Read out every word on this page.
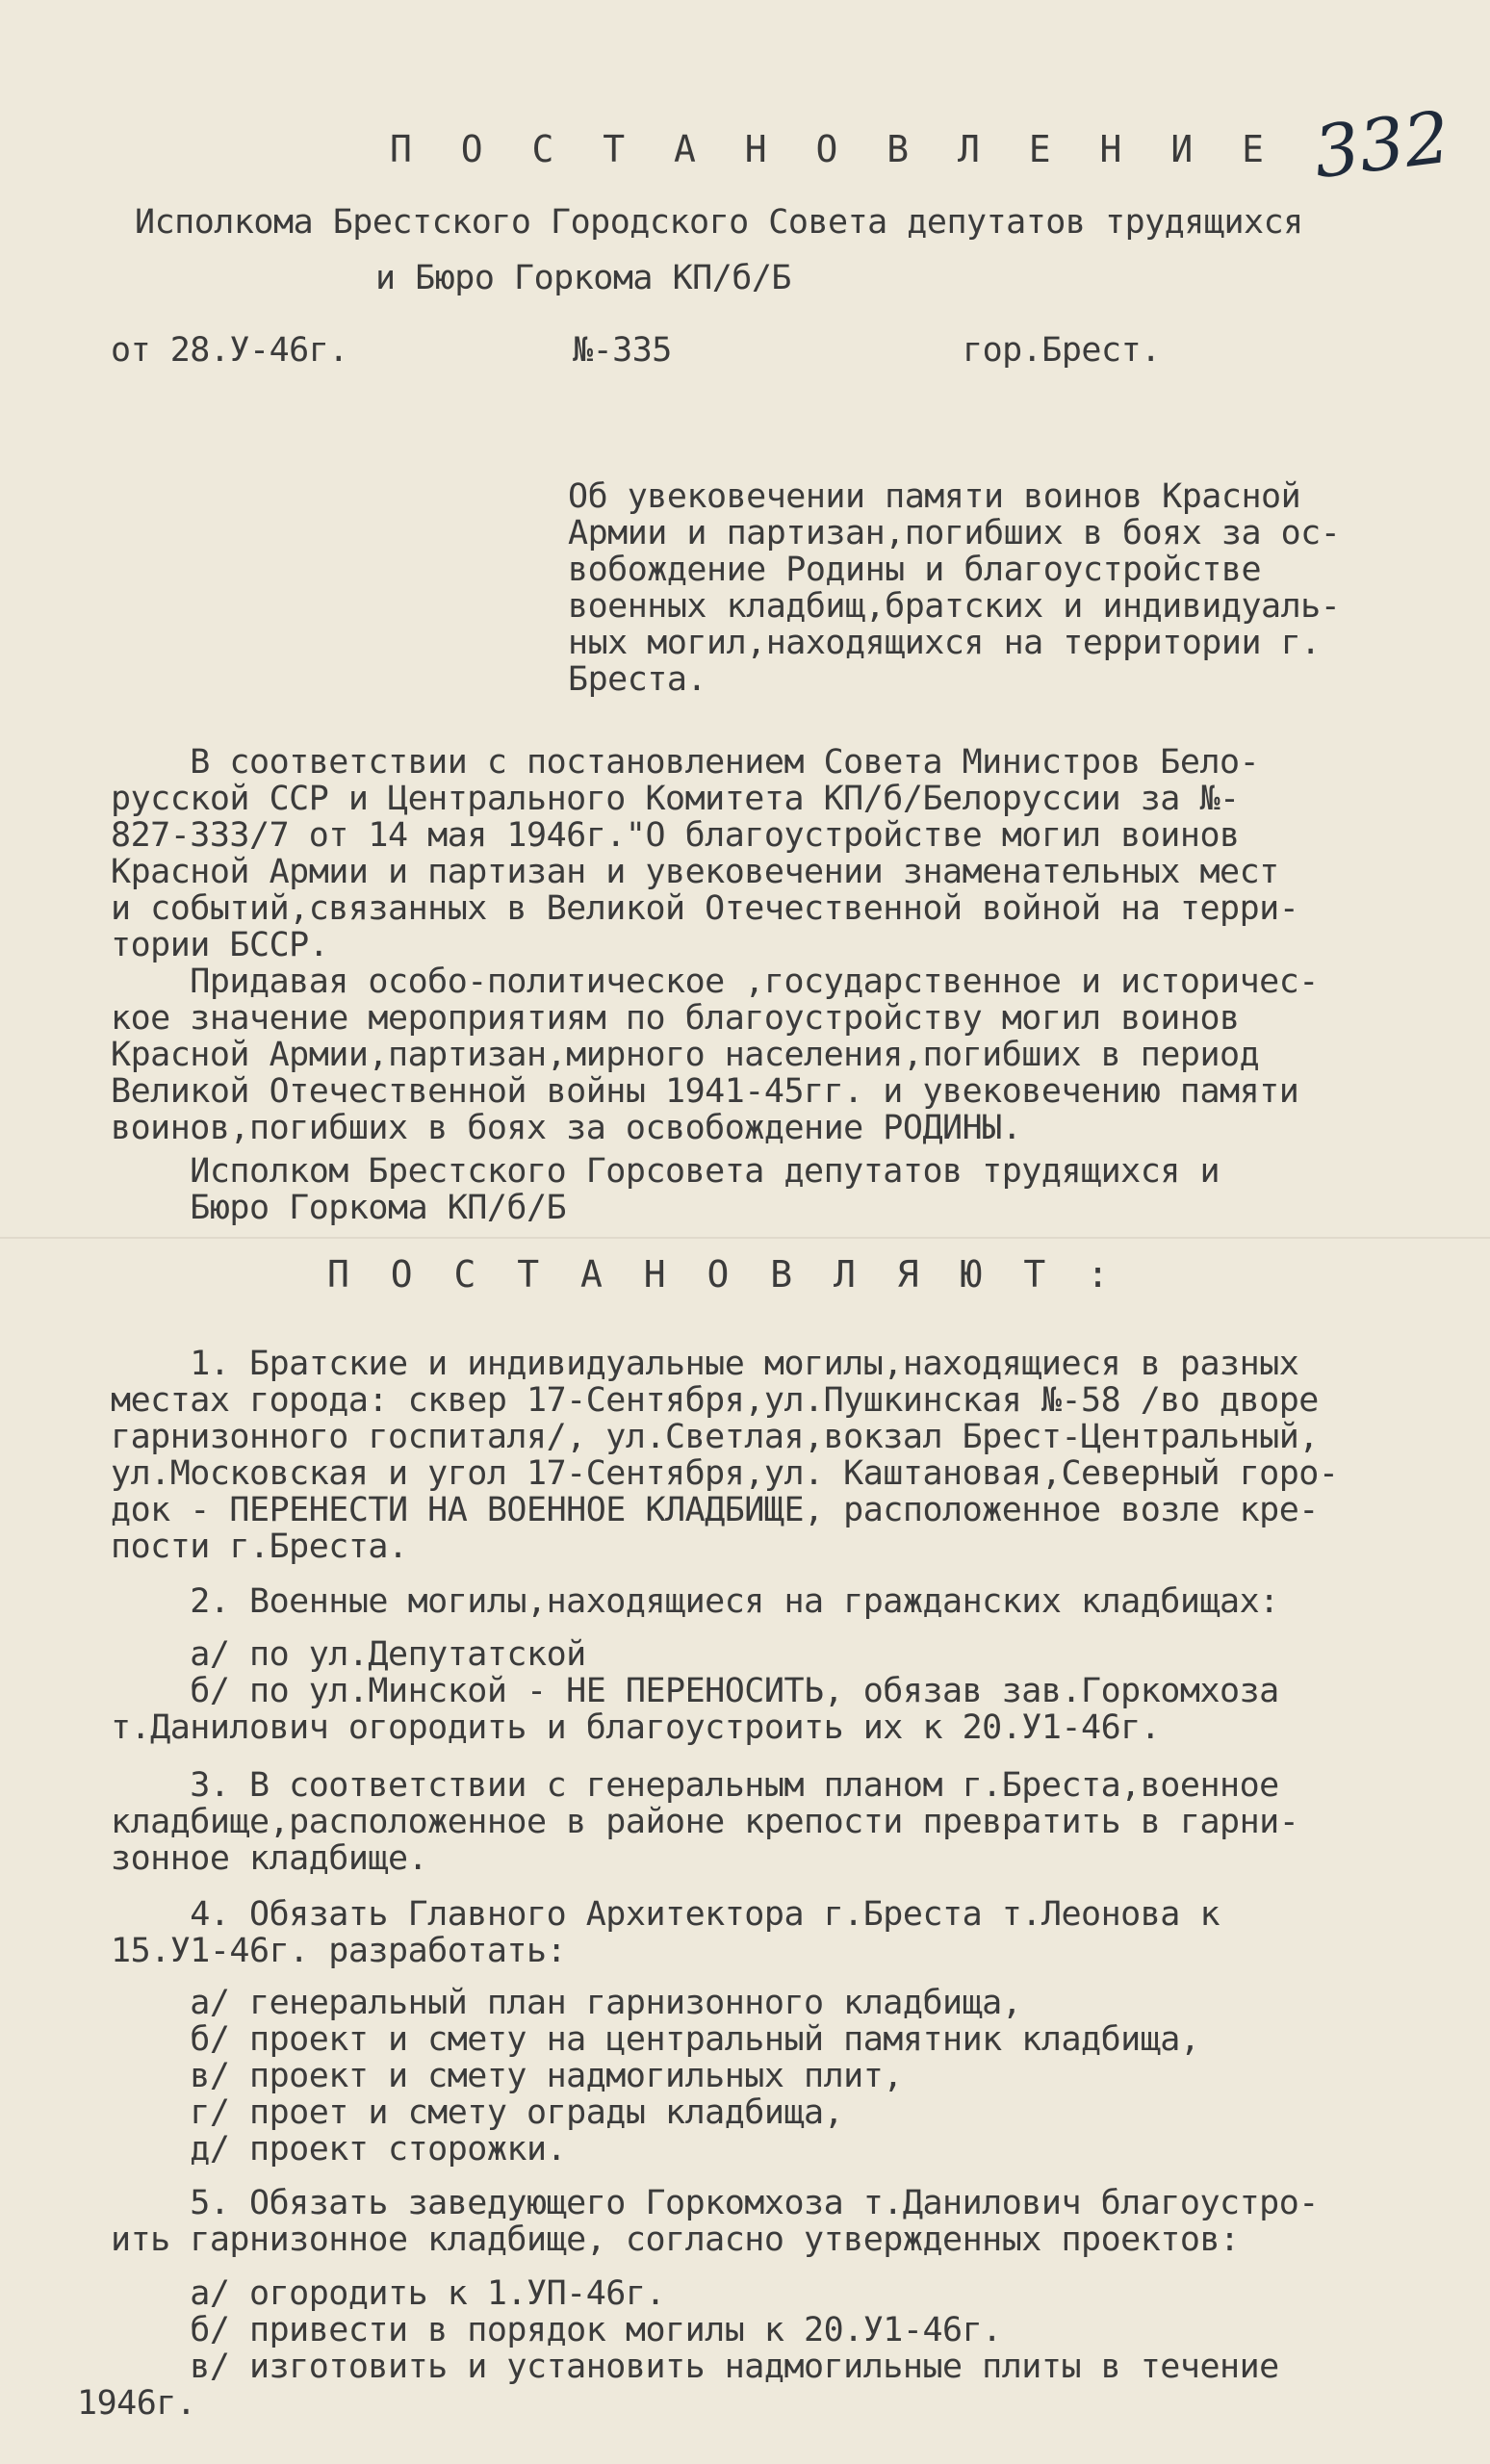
332
П О С Т А Н О В Л Е Н И Е
Исполкома Брестского Городского Совета депутатов трудящихся
и Бюро Горкома КП/б/Б
от 28.У-46г.	№-335	гор.Брест.
Об увековечении памяти воинов Красной
Армии и партизан,погибших в боях за ос-
вобождение Родины и благоустройстве
военных кладбищ,братских и индивидуаль-
ных могил,находящихся на территории г.
Бреста.
В соответствии с постановлением Совета Министров Бело-
русской ССР и Центрального Комитета КП/б/Белоруссии за №-
827-333/7 от 14 мая 1946г."О благоустройстве могил воинов
Красной Армии и партизан и увековечении знаменательных мест
и событий,связанных в Великой Отечественной войной на терри-
тории БССР.
Придавая особо-политическое ,государственное и историчес-
кое значение мероприятиям по благоустройству могил воинов
Красной Армии,партизан,мирного населения,погибших в период
Великой Отечественной войны 1941-45гг. и увековечению памяти
воинов,погибших в боях за освобождение РОДИНЫ.
Исполком Брестского Горсовета депутатов трудящихся и
Бюро Горкома КП/б/Б
П О С Т А Н О В Л Я Ю Т :
1. Братские и индивидуальные могилы,находящиеся в разных
местах города: сквер 17-Сентября,ул.Пушкинская №-58 /во дворе
гарнизонного госпиталя/, ул.Светлая,вокзал Брест-Центральный,
ул.Московская и угол 17-Сентября,ул. Каштановая,Северный горо-
док - ПЕРЕНЕСТИ НА ВОЕННОЕ КЛАДБИЩЕ, расположенное возле кре-
пости г.Бреста.
2. Военные могилы,находящиеся на гражданских кладбищах:
а/ по ул.Депутатской
б/ по ул.Минской - НЕ ПЕРЕНОСИТЬ, обязав зав.Горкомхоза
т.Данилович огородить и благоустроить их к 20.У1-46г.
3. В соответствии с генеральным планом г.Бреста,военное
кладбище,расположенное в районе крепости превратить в гарни-
зонное кладбище.
4. Обязать Главного Архитектора г.Бреста т.Леонова к
15.У1-46г. разработать:
а/ генеральный план гарнизонного кладбища,
б/ проект и смету на центральный памятник кладбища,
в/ проект и смету надмогильных плит,
г/ проет и смету ограды кладбища,
д/ проект сторожки.
5. Обязать заведующего Горкомхоза т.Данилович благоустро-
ить гарнизонное кладбище, согласно утвержденных проектов:
а/ огородить к 1.УП-46г.
б/ привести в порядок могилы к 20.У1-46г.
в/ изготовить и установить надмогильные плиты в течение
1946г.
